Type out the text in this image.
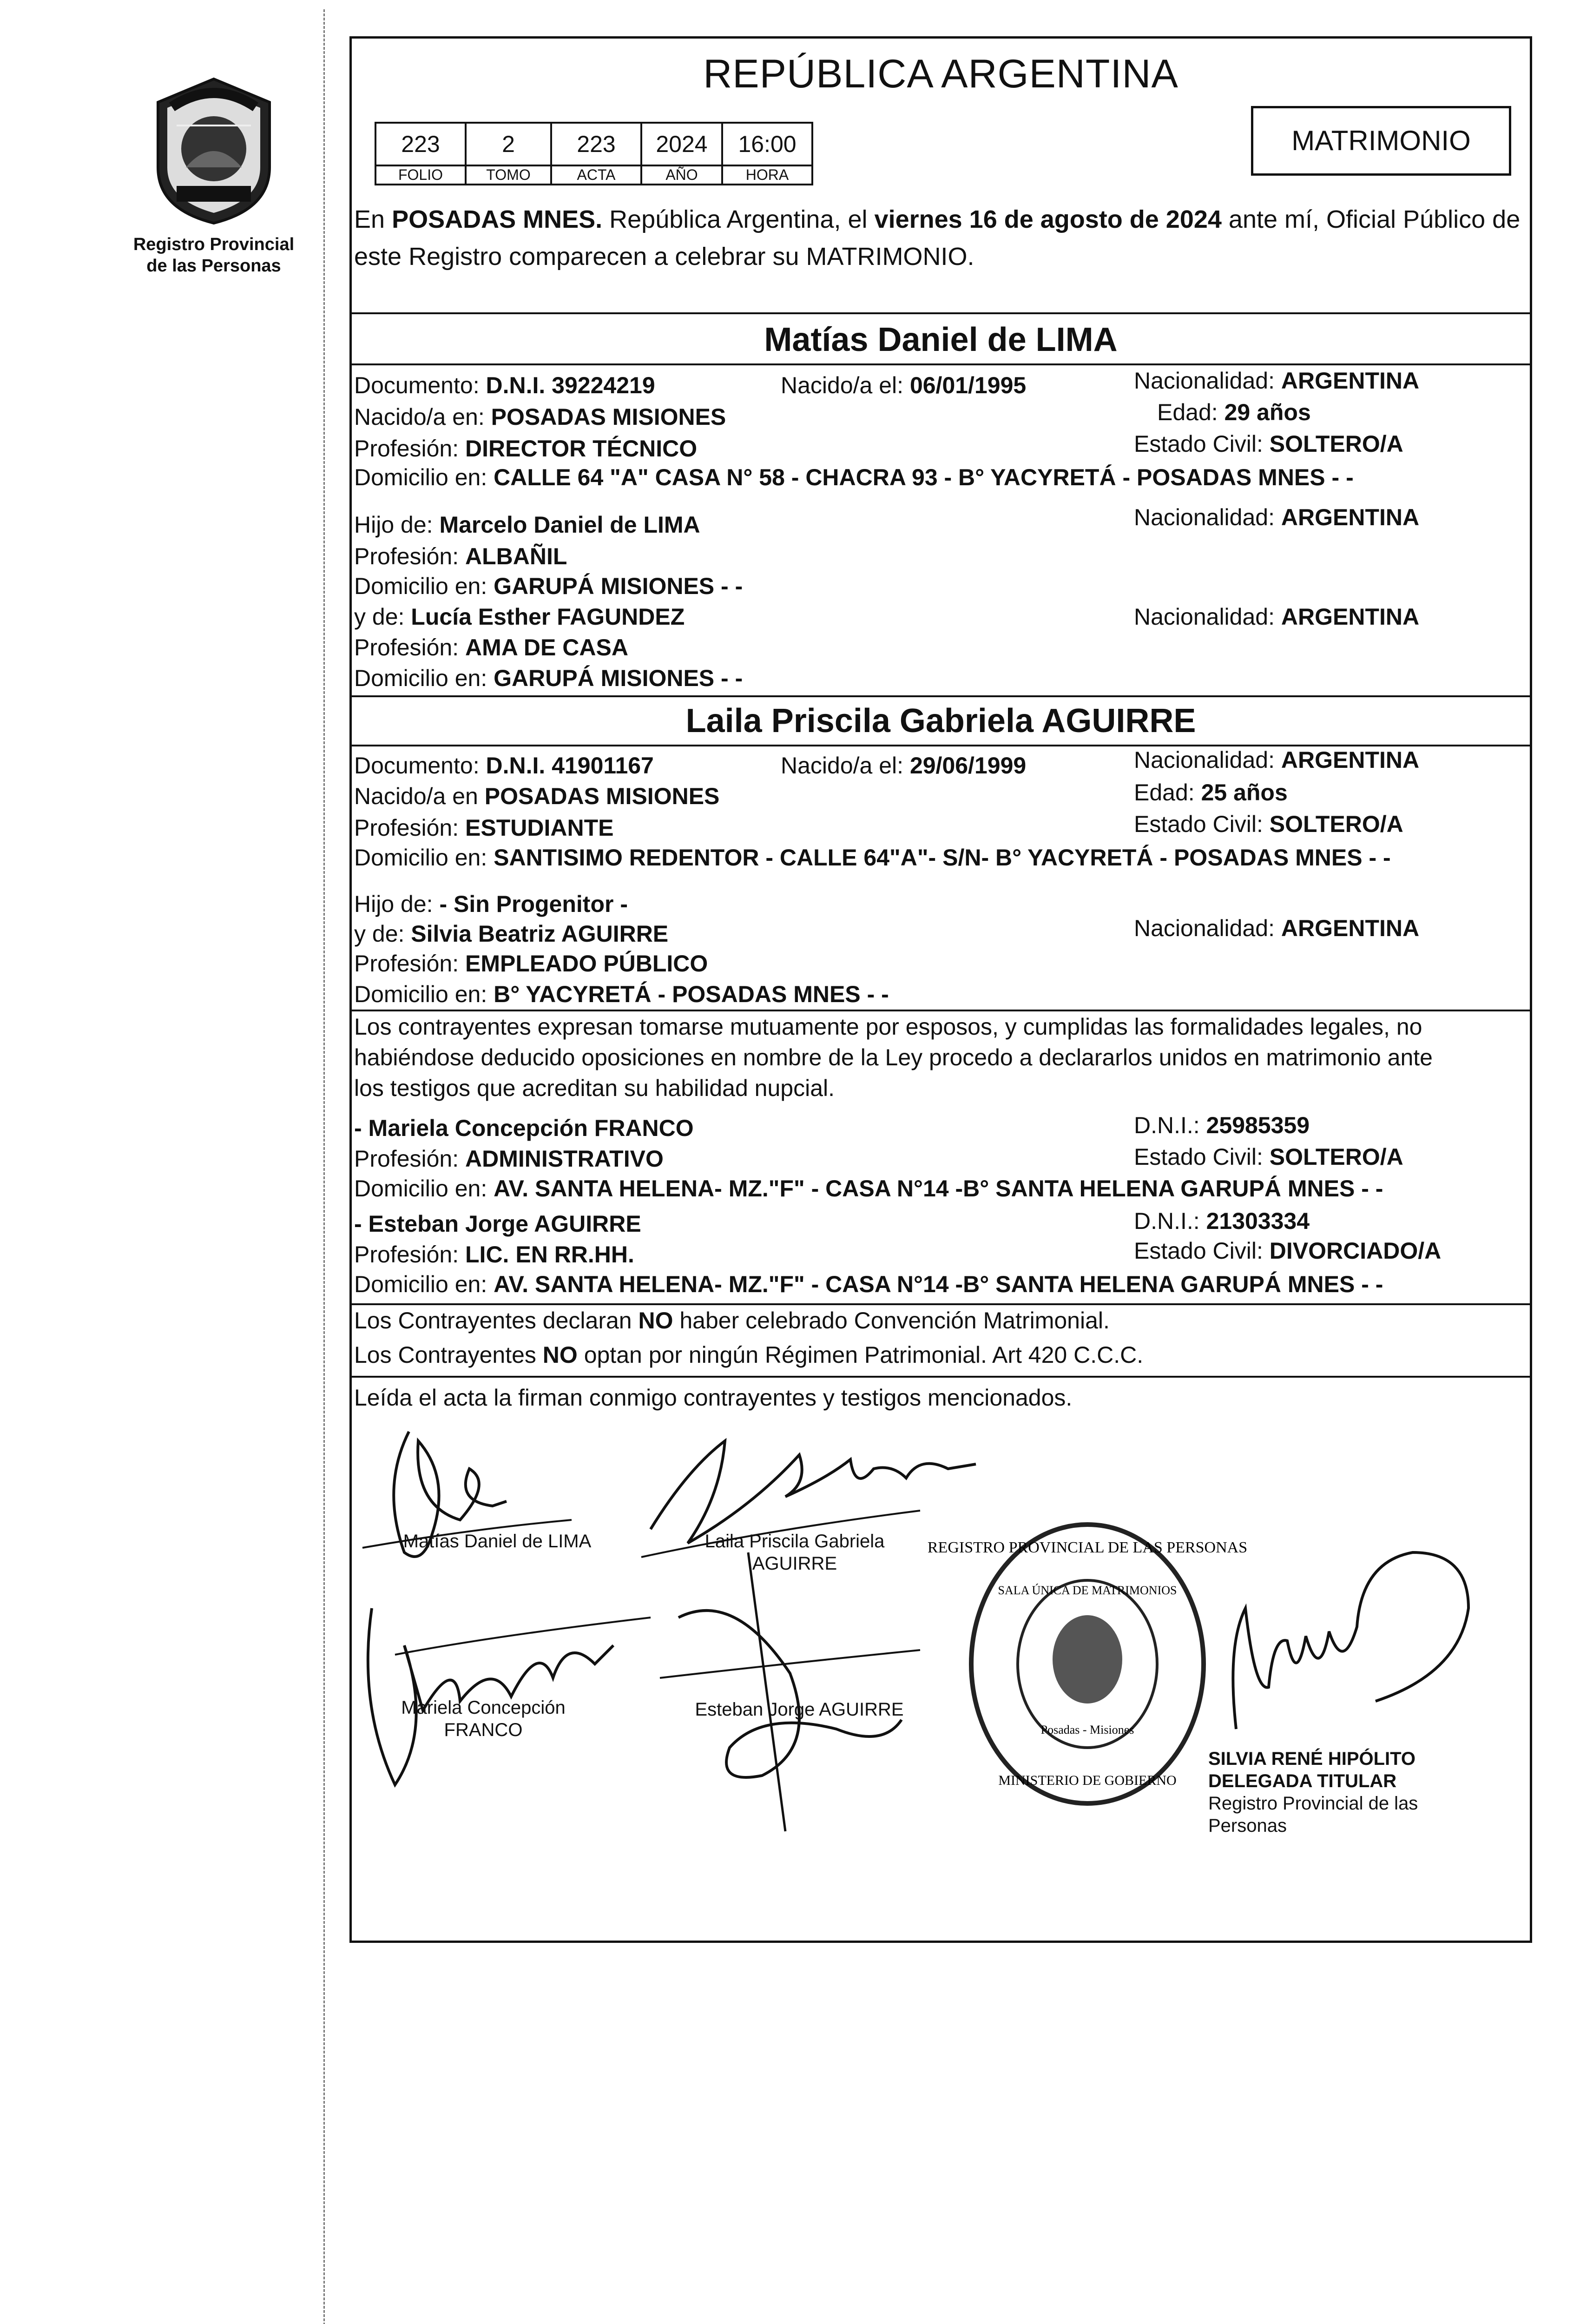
Registro Provincial de las Personas
REPÚBLICA ARGENTINA
223	2	223	2024	16:00
FOLIO	TOMO	ACTA	AÑO	HORA
MATRIMONIO
En POSADAS MNES. República Argentina, el viernes 16 de agosto de 2024 ante mí, Oficial Público de este Registro comparecen a celebrar su MATRIMONIO.
Matías Daniel de LIMA
Documento: D.N.I. 39224219	Nacido/a el: 06/01/1995	Nacionalidad: ARGENTINA
Nacido/a en: POSADAS MISIONES	Edad: 29 años
Profesión: DIRECTOR TÉCNICO	Estado Civil: SOLTERO/A
Domicilio en: CALLE 64 "A" CASA N° 58 - CHACRA 93 - B° YACYRETÁ - POSADAS MNES - -
Hijo de: Marcelo Daniel de LIMA	Nacionalidad: ARGENTINA
Profesión: ALBAÑIL
Domicilio en: GARUPÁ MISIONES - -
y de: Lucía Esther FAGUNDEZ	Nacionalidad: ARGENTINA
Profesión: AMA DE CASA
Domicilio en: GARUPÁ MISIONES - -
Laila Priscila Gabriela AGUIRRE
Documento: D.N.I. 41901167	Nacido/a el: 29/06/1999	Nacionalidad: ARGENTINA
Nacido/a en POSADAS MISIONES	Edad: 25 años
Profesión: ESTUDIANTE	Estado Civil: SOLTERO/A
Domicilio en: SANTISIMO REDENTOR - CALLE 64"A"- S/N- B° YACYRETÁ - POSADAS MNES - -
Hijo de: - Sin Progenitor -
y de: Silvia Beatriz AGUIRRE	Nacionalidad: ARGENTINA
Profesión: EMPLEADO PÚBLICO
Domicilio en: B° YACYRETÁ - POSADAS MNES - -
Los contrayentes expresan tomarse mutuamente por esposos, y cumplidas las formalidades legales, no
habiéndose deducido oposiciones en nombre de la Ley procedo a declararlos unidos en matrimonio ante
los testigos que acreditan su habilidad nupcial.
- Mariela Concepción FRANCO	D.N.I.: 25985359
Profesión: ADMINISTRATIVO	Estado Civil: SOLTERO/A
Domicilio en: AV. SANTA HELENA- MZ."F" - CASA N°14 -B° SANTA HELENA GARUPÁ MNES - -
- Esteban Jorge AGUIRRE	D.N.I.: 21303334
Profesión: LIC. EN RR.HH.	Estado Civil: DIVORCIADO/A
Domicilio en: AV. SANTA HELENA- MZ."F" - CASA N°14 -B° SANTA HELENA GARUPÁ MNES - -
Los Contrayentes declaran NO haber celebrado Convención Matrimonial.
Los Contrayentes NO optan por ningún Régimen Patrimonial. Art 420 C.C.C.
Leída el acta la firman conmigo contrayentes y testigos mencionados.
Matías Daniel de LIMA	Laila Priscila Gabriela
AGUIRRE
Mariela Concepción
FRANCO
Esteban Jorge AGUIRRE
REGISTRO PROVINCIAL DE LAS PERSONAS
SALA ÚNICA DE MATRIMONIOS
Posadas - Misiones
MINISTERIO DE GOBIERNO
SILVIA RENÉ HIPÓLITO
DELEGADA TITULAR
Registro Provincial de las Personas
